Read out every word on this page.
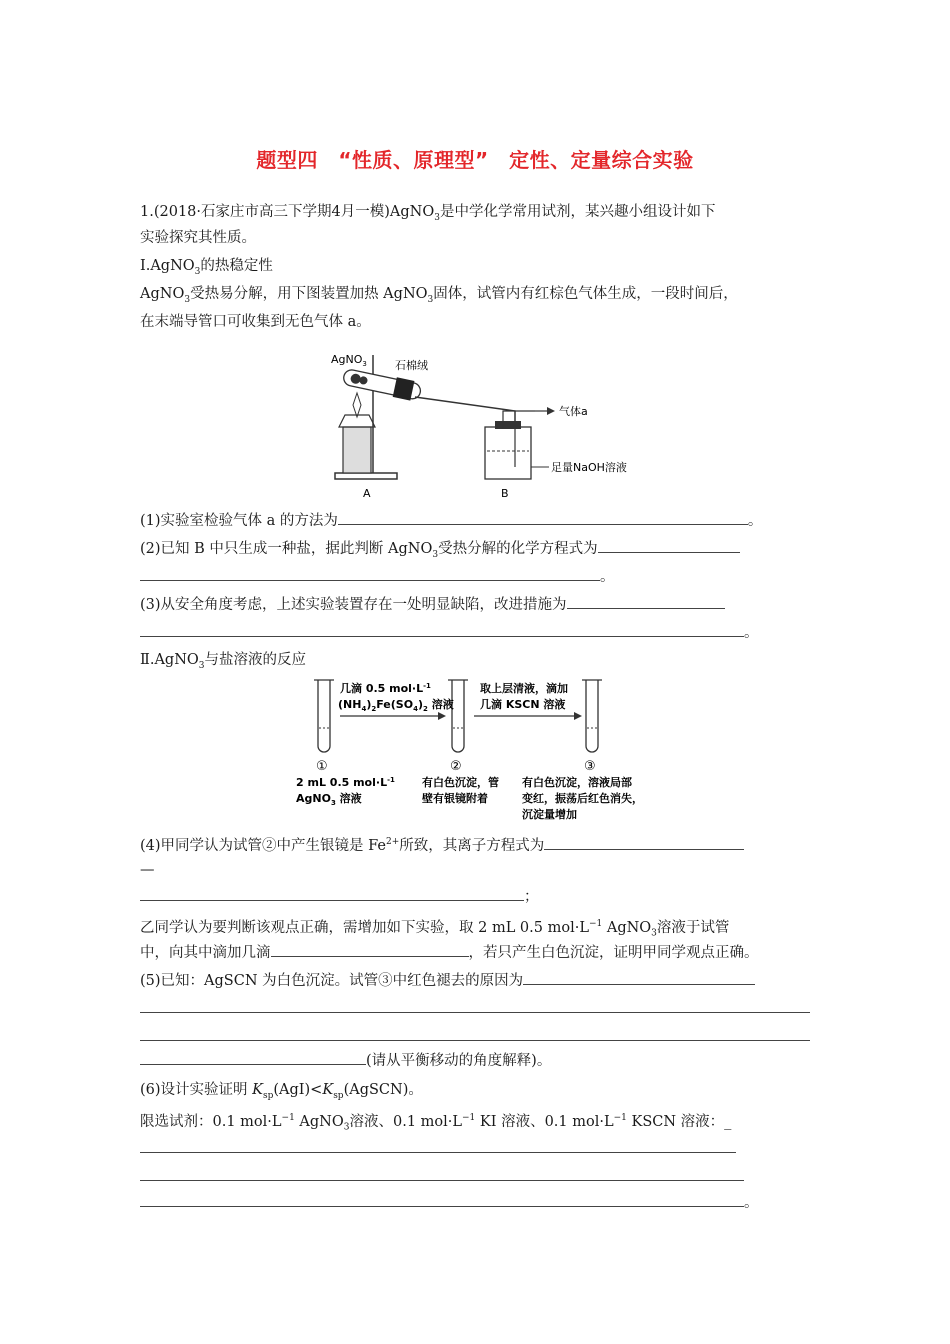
题型四　“性质、原理型”　定性、定量综合实验
1.(2018·石家庄市高三下学期4月一模)AgNO$_3$是中学化学常用试剂，某兴趣小组设计如下
实验探究其性质。
Ⅰ.AgNO$_3$的热稳定性
AgNO$_3$受热易分解，用下图装置加热 AgNO$_3$固体，试管内有红棕色气体生成，一段时间后，
在末端导管口可收集到无色气体 a。
AgNO$_3$	石棉绒
气体a
足量NaOH溶液
A	B
(1)实验室检验气体 a 的方法为	。
(2)已知 B 中只生成一种盐，据此判断 AgNO$_3$受热分解的化学方程式为
。
(3)从安全角度考虑，上述实验装置存在一处明显缺陷，改进措施为
。
Ⅱ.AgNO$_3$与盐溶液的反应
几滴 0.5 $mol\cdot L^{-1}$
$(NH_4)_2Fe(SO_4)_2$ 溶液
取上层清液，滴加
几滴 KSCN 溶液
①	②	③
2 mL 0.5 $mol\cdot L^{-1}$
AgNO$_3$ 溶液
有白色沉淀，管
壁有银镜附着
有白色沉淀，溶液局部
变红，振荡后红色消失，
沉淀量增加
(4)甲同学认为试管②中产生银镜是 $Fe^{2+}$所致，其离子方程式为
—
；
乙同学认为要判断该观点正确，需增加如下实验，取 2 mL 0.5 $mol\cdot L^{-1}$ AgNO$_3$溶液于试管
中，向其中滴加几滴	，若只产生白色沉淀，证明甲同学观点正确。
(5)已知：AgSCN 为白色沉淀。试管③中红色褪去的原因为
(请从平衡移动的角度解释)。
(6)设计实验证明 $K_{sp}(AgI)<K_{sp}(AgSCN)$。
限选试剂：0.1 $mol\cdot L^{-1}$ AgNO$_3$溶液、0.1 $mol\cdot L^{-1}$ KI 溶液、0.1 $mol\cdot L^{-1}$ KSCN 溶液：_
。
